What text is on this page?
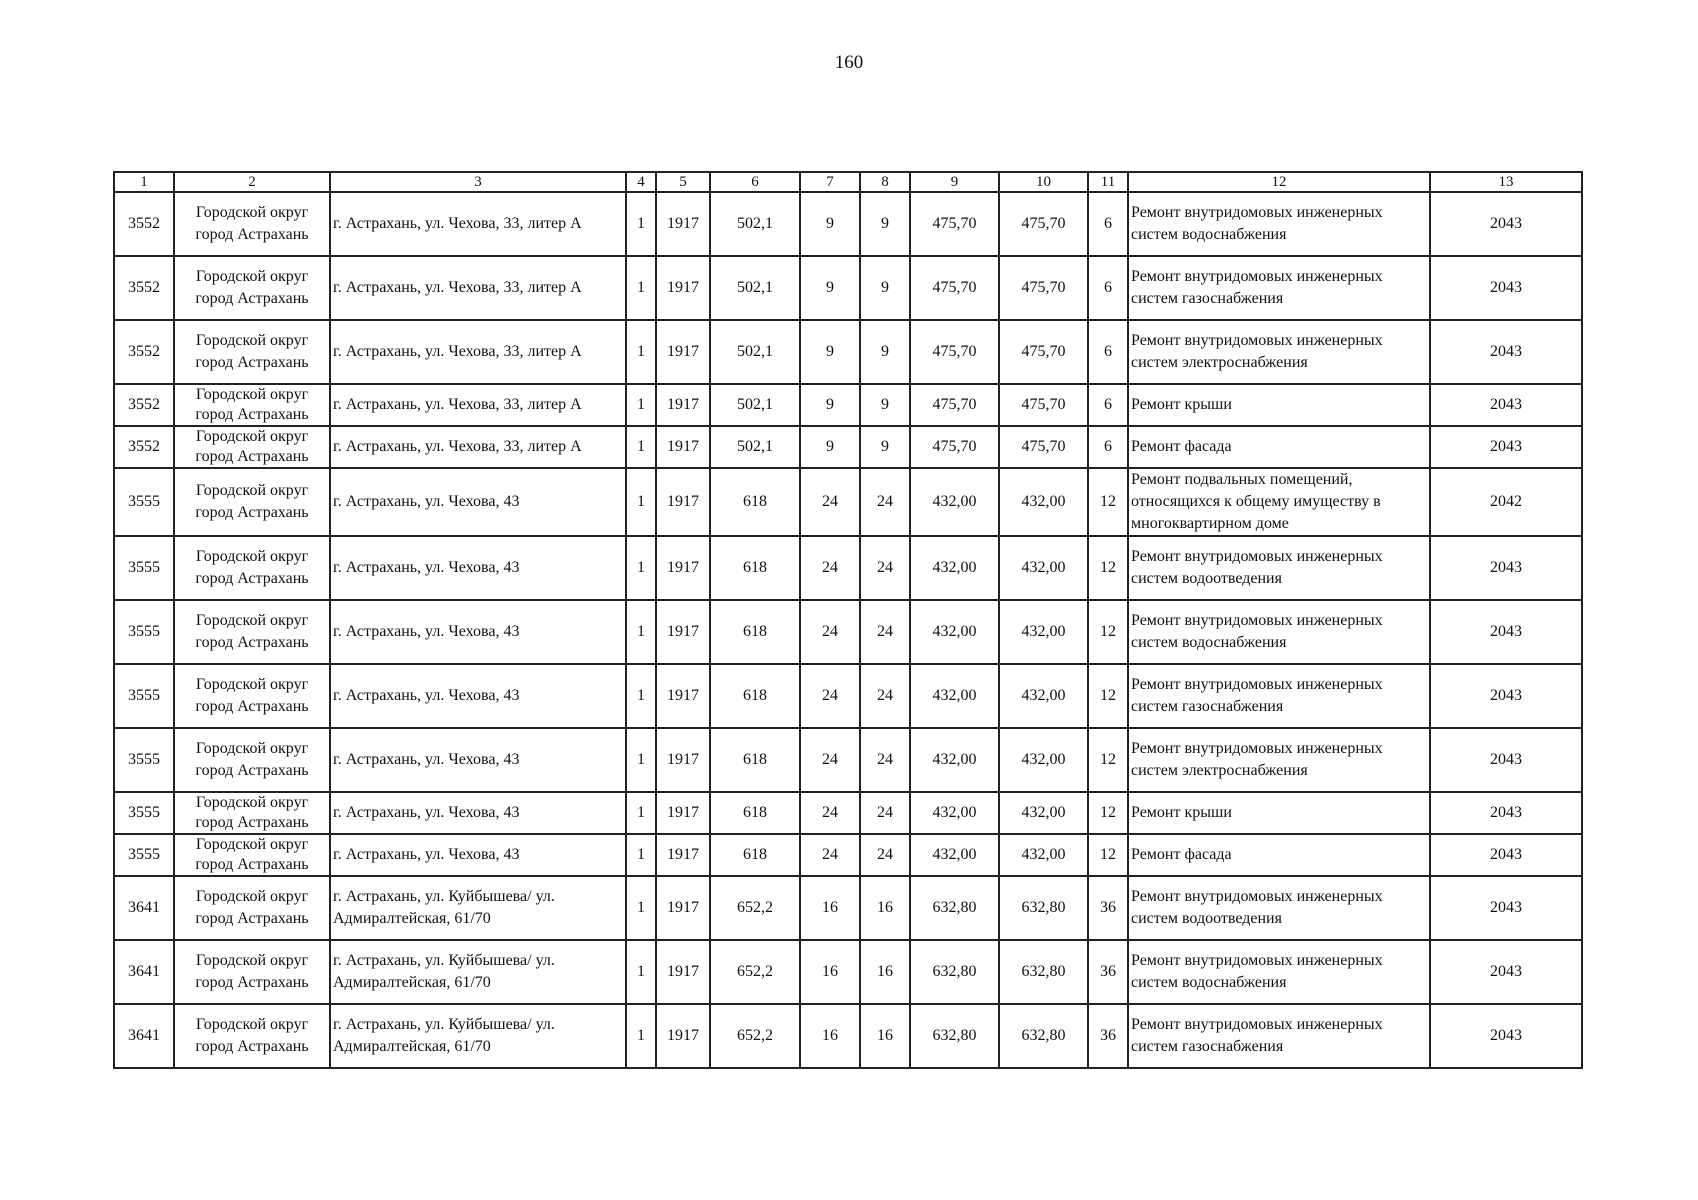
160
1	2	3	4	5	6	7	8	9	10	11	12	13
3552	Городской округ город Астрахань	г. Астрахань, ул. Чехова, 33, литер А	1	1917	502,1	9	9	475,70	475,70	6	Ремонт внутридомовых инженерных систем водоснабжения	2043
3552	Городской округ город Астрахань	г. Астрахань, ул. Чехова, 33, литер А	1	1917	502,1	9	9	475,70	475,70	6	Ремонт внутридомовых инженерных систем газоснабжения	2043
3552	Городской округ город Астрахань	г. Астрахань, ул. Чехова, 33, литер А	1	1917	502,1	9	9	475,70	475,70	6	Ремонт внутридомовых инженерных систем электроснабжения	2043
3552	Городской округ город Астрахань	г. Астрахань, ул. Чехова, 33, литер А	1	1917	502,1	9	9	475,70	475,70	6	Ремонт крыши	2043
3552	Городской округ город Астрахань	г. Астрахань, ул. Чехова, 33, литер А	1	1917	502,1	9	9	475,70	475,70	6	Ремонт фасада	2043
3555	Городской округ город Астрахань	г. Астрахань, ул. Чехова, 43	1	1917	618	24	24	432,00	432,00	12	Ремонт подвальных помещений, относящихся к общему имуществу в многоквартирном доме	2042
3555	Городской округ город Астрахань	г. Астрахань, ул. Чехова, 43	1	1917	618	24	24	432,00	432,00	12	Ремонт внутридомовых инженерных систем водоотведения	2043
3555	Городской округ город Астрахань	г. Астрахань, ул. Чехова, 43	1	1917	618	24	24	432,00	432,00	12	Ремонт внутридомовых инженерных систем водоснабжения	2043
3555	Городской округ город Астрахань	г. Астрахань, ул. Чехова, 43	1	1917	618	24	24	432,00	432,00	12	Ремонт внутридомовых инженерных систем газоснабжения	2043
3555	Городской округ город Астрахань	г. Астрахань, ул. Чехова, 43	1	1917	618	24	24	432,00	432,00	12	Ремонт внутридомовых инженерных систем электроснабжения	2043
3555	Городской округ город Астрахань	г. Астрахань, ул. Чехова, 43	1	1917	618	24	24	432,00	432,00	12	Ремонт крыши	2043
3555	Городской округ город Астрахань	г. Астрахань, ул. Чехова, 43	1	1917	618	24	24	432,00	432,00	12	Ремонт фасада	2043
3641	Городской округ город Астрахань	г. Астрахань, ул. Куйбышева/ ул. Адмиралтейская, 61/70	1	1917	652,2	16	16	632,80	632,80	36	Ремонт внутридомовых инженерных систем водоотведения	2043
3641	Городской округ город Астрахань	г. Астрахань, ул. Куйбышева/ ул. Адмиралтейская, 61/70	1	1917	652,2	16	16	632,80	632,80	36	Ремонт внутридомовых инженерных систем водоснабжения	2043
3641	Городской округ город Астрахань	г. Астрахань, ул. Куйбышева/ ул. Адмиралтейская, 61/70	1	1917	652,2	16	16	632,80	632,80	36	Ремонт внутридомовых инженерных систем газоснабжения	2043
